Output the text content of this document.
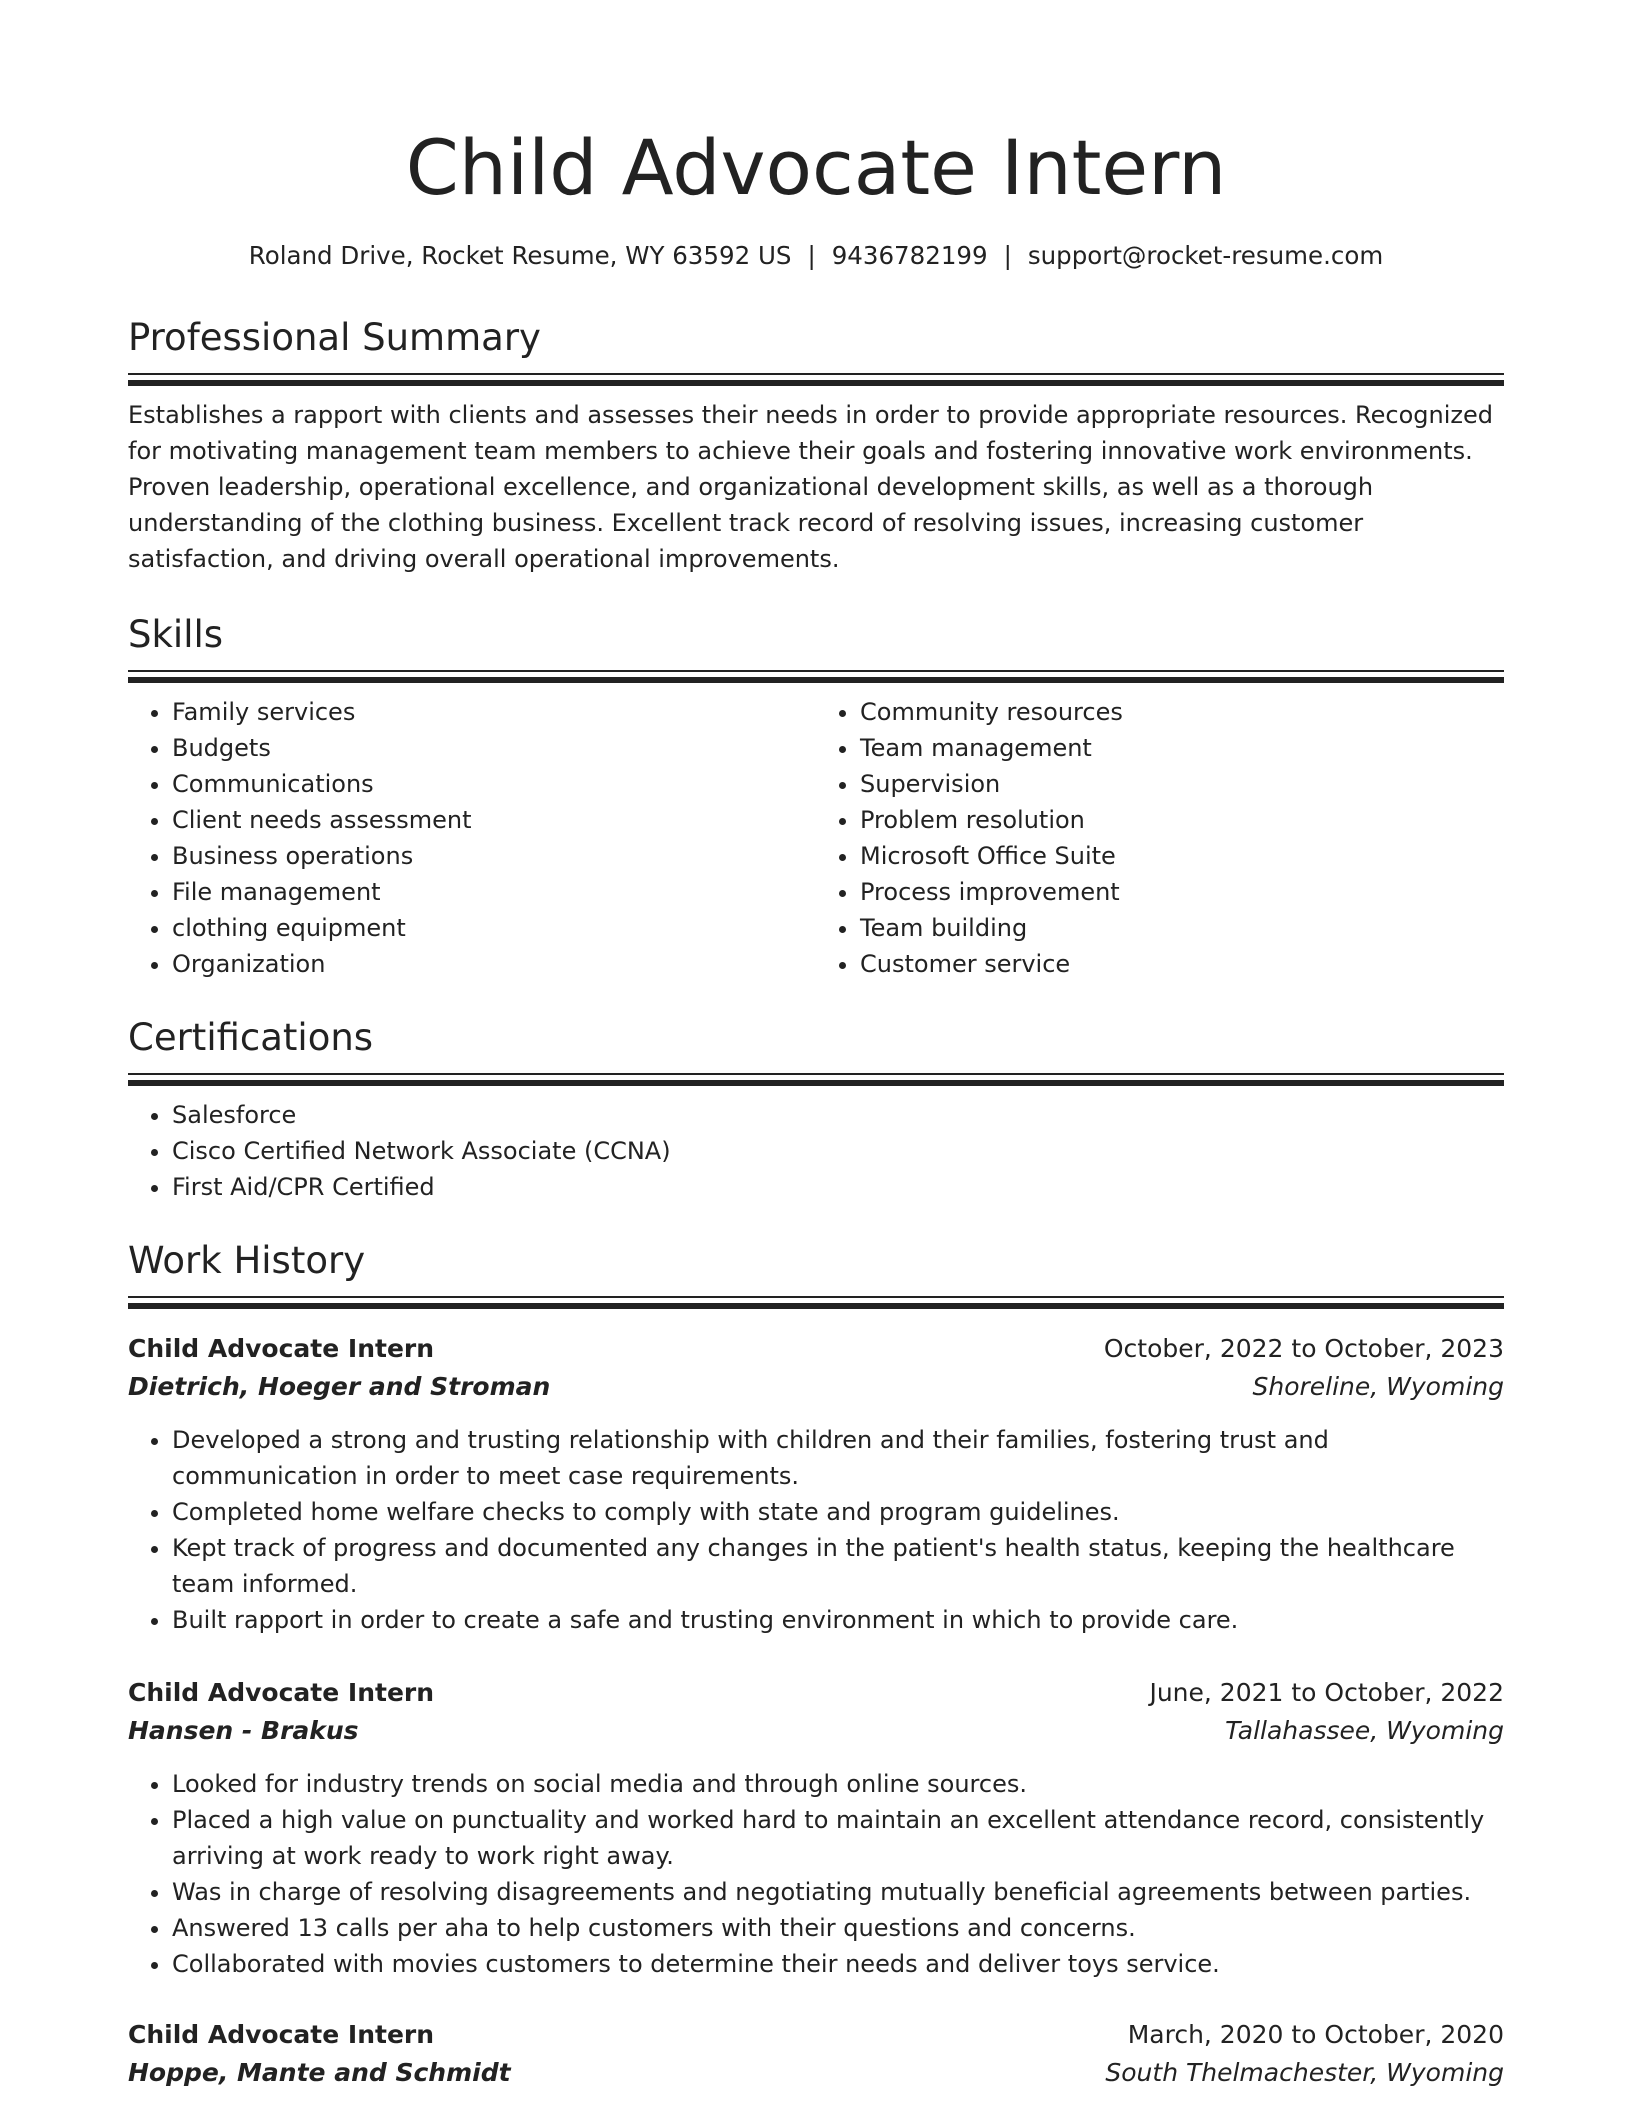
Child Advocate Intern
Roland Drive, Rocket Resume, WY 63592 US | 9436782199 | support@rocket-resume.com
Professional Summary

Establishes a rapport with clients and assesses their needs in order to provide appropriate resources. Recognized for motivating management team members to achieve their goals and fostering innovative work environments. Proven leadership, operational excellence, and organizational development skills, as well as a thorough understanding of the clothing business. Excellent track record of resolving issues, increasing customer satisfaction, and driving overall operational improvements.

Skills
• Family services
• Budgets
• Communications
• Client needs assessment
• Business operations
• File management
• clothing equipment
• Organization
• Community resources
• Team management
• Supervision
• Problem resolution
• Microsoft Office Suite
• Process improvement
• Team building
• Customer service
Certifications
• Salesforce
• Cisco Certified Network Associate (CCNA)
• First Aid/CPR Certified
Work History
Child Advocate Intern	October, 2022 to October, 2023
Dietrich, Hoeger and Stroman	Shoreline, Wyoming
• Developed a strong and trusting relationship with children and their families, fostering trust and communication in order to meet case requirements.
• Completed home welfare checks to comply with state and program guidelines.
• Kept track of progress and documented any changes in the patient's health status, keeping the healthcare team informed.
• Built rapport in order to create a safe and trusting environment in which to provide care.
Child Advocate Intern	June, 2021 to October, 2022
Hansen - Brakus	Tallahassee, Wyoming
• Looked for industry trends on social media and through online sources.
• Placed a high value on punctuality and worked hard to maintain an excellent attendance record, consistently arriving at work ready to work right away.
• Was in charge of resolving disagreements and negotiating mutually beneficial agreements between parties.
• Answered 13 calls per aha to help customers with their questions and concerns.
• Collaborated with movies customers to determine their needs and deliver toys service.
Child Advocate Intern	March, 2020 to October, 2020
Hoppe, Mante and Schmidt	South Thelmachester, Wyoming
